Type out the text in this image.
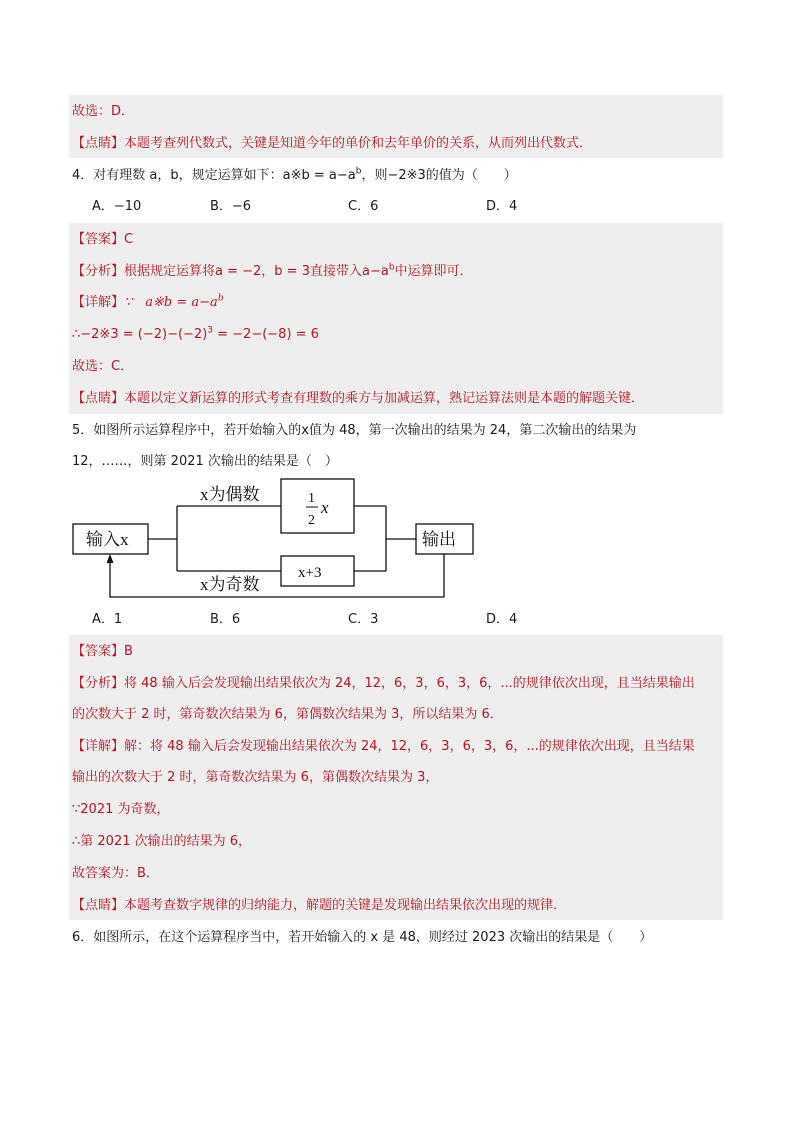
故选：D．
【点睛】本题考查列代数式，关键是知道今年的单价和去年单价的关系，从而列出代数式．
4．对有理数 a，b，规定运算如下：a※b = $a-a^b$，则−2※3的值为（　　）
A．−10	B．−6	C．6	D．4
【答案】C
【分析】根据规定运算将a = −2，b = 3直接带入$a-a^b$中运算即可．
【详解】∵　a※b = $a-a^b$
∴−2※3 = $(-2)-(-2)^3 = -2-(-8) = 6$
故选：C．
【点睛】本题以定义新运算的形式考查有理数的乘方与加减运算，熟记运算法则是本题的解题关键．
5．如图所示运算程序中，若开始输入的x值为 48，第一次输出的结果为 24，第二次输出的结果为
12，……，则第 2021 次输出的结果是（　）
输入x
x为偶数	1
2
x
x为奇数
x+3
输出
A．1	B．6	C．3	D．4
【答案】B
【分析】将 48 输入后会发现输出结果依次为 24，12，6，3，6，3，6，...的规律依次出现，且当结果输出
的次数大于 2 时，第奇数次结果为 6，第偶数次结果为 3，所以结果为 6．
【详解】解：将 48 输入后会发现输出结果依次为 24，12，6，3，6，3，6，...的规律依次出现，且当结果
输出的次数大于 2 时，第奇数次结果为 6，第偶数次结果为 3，
∵2021 为奇数，
∴第 2021 次输出的结果为 6，
故答案为：B．
【点睛】本题考查数字规律的归纳能力，解题的关键是发现输出结果依次出现的规律．
6．如图所示，在这个运算程序当中，若开始输入的 x 是 48，则经过 2023 次输出的结果是（　　）
